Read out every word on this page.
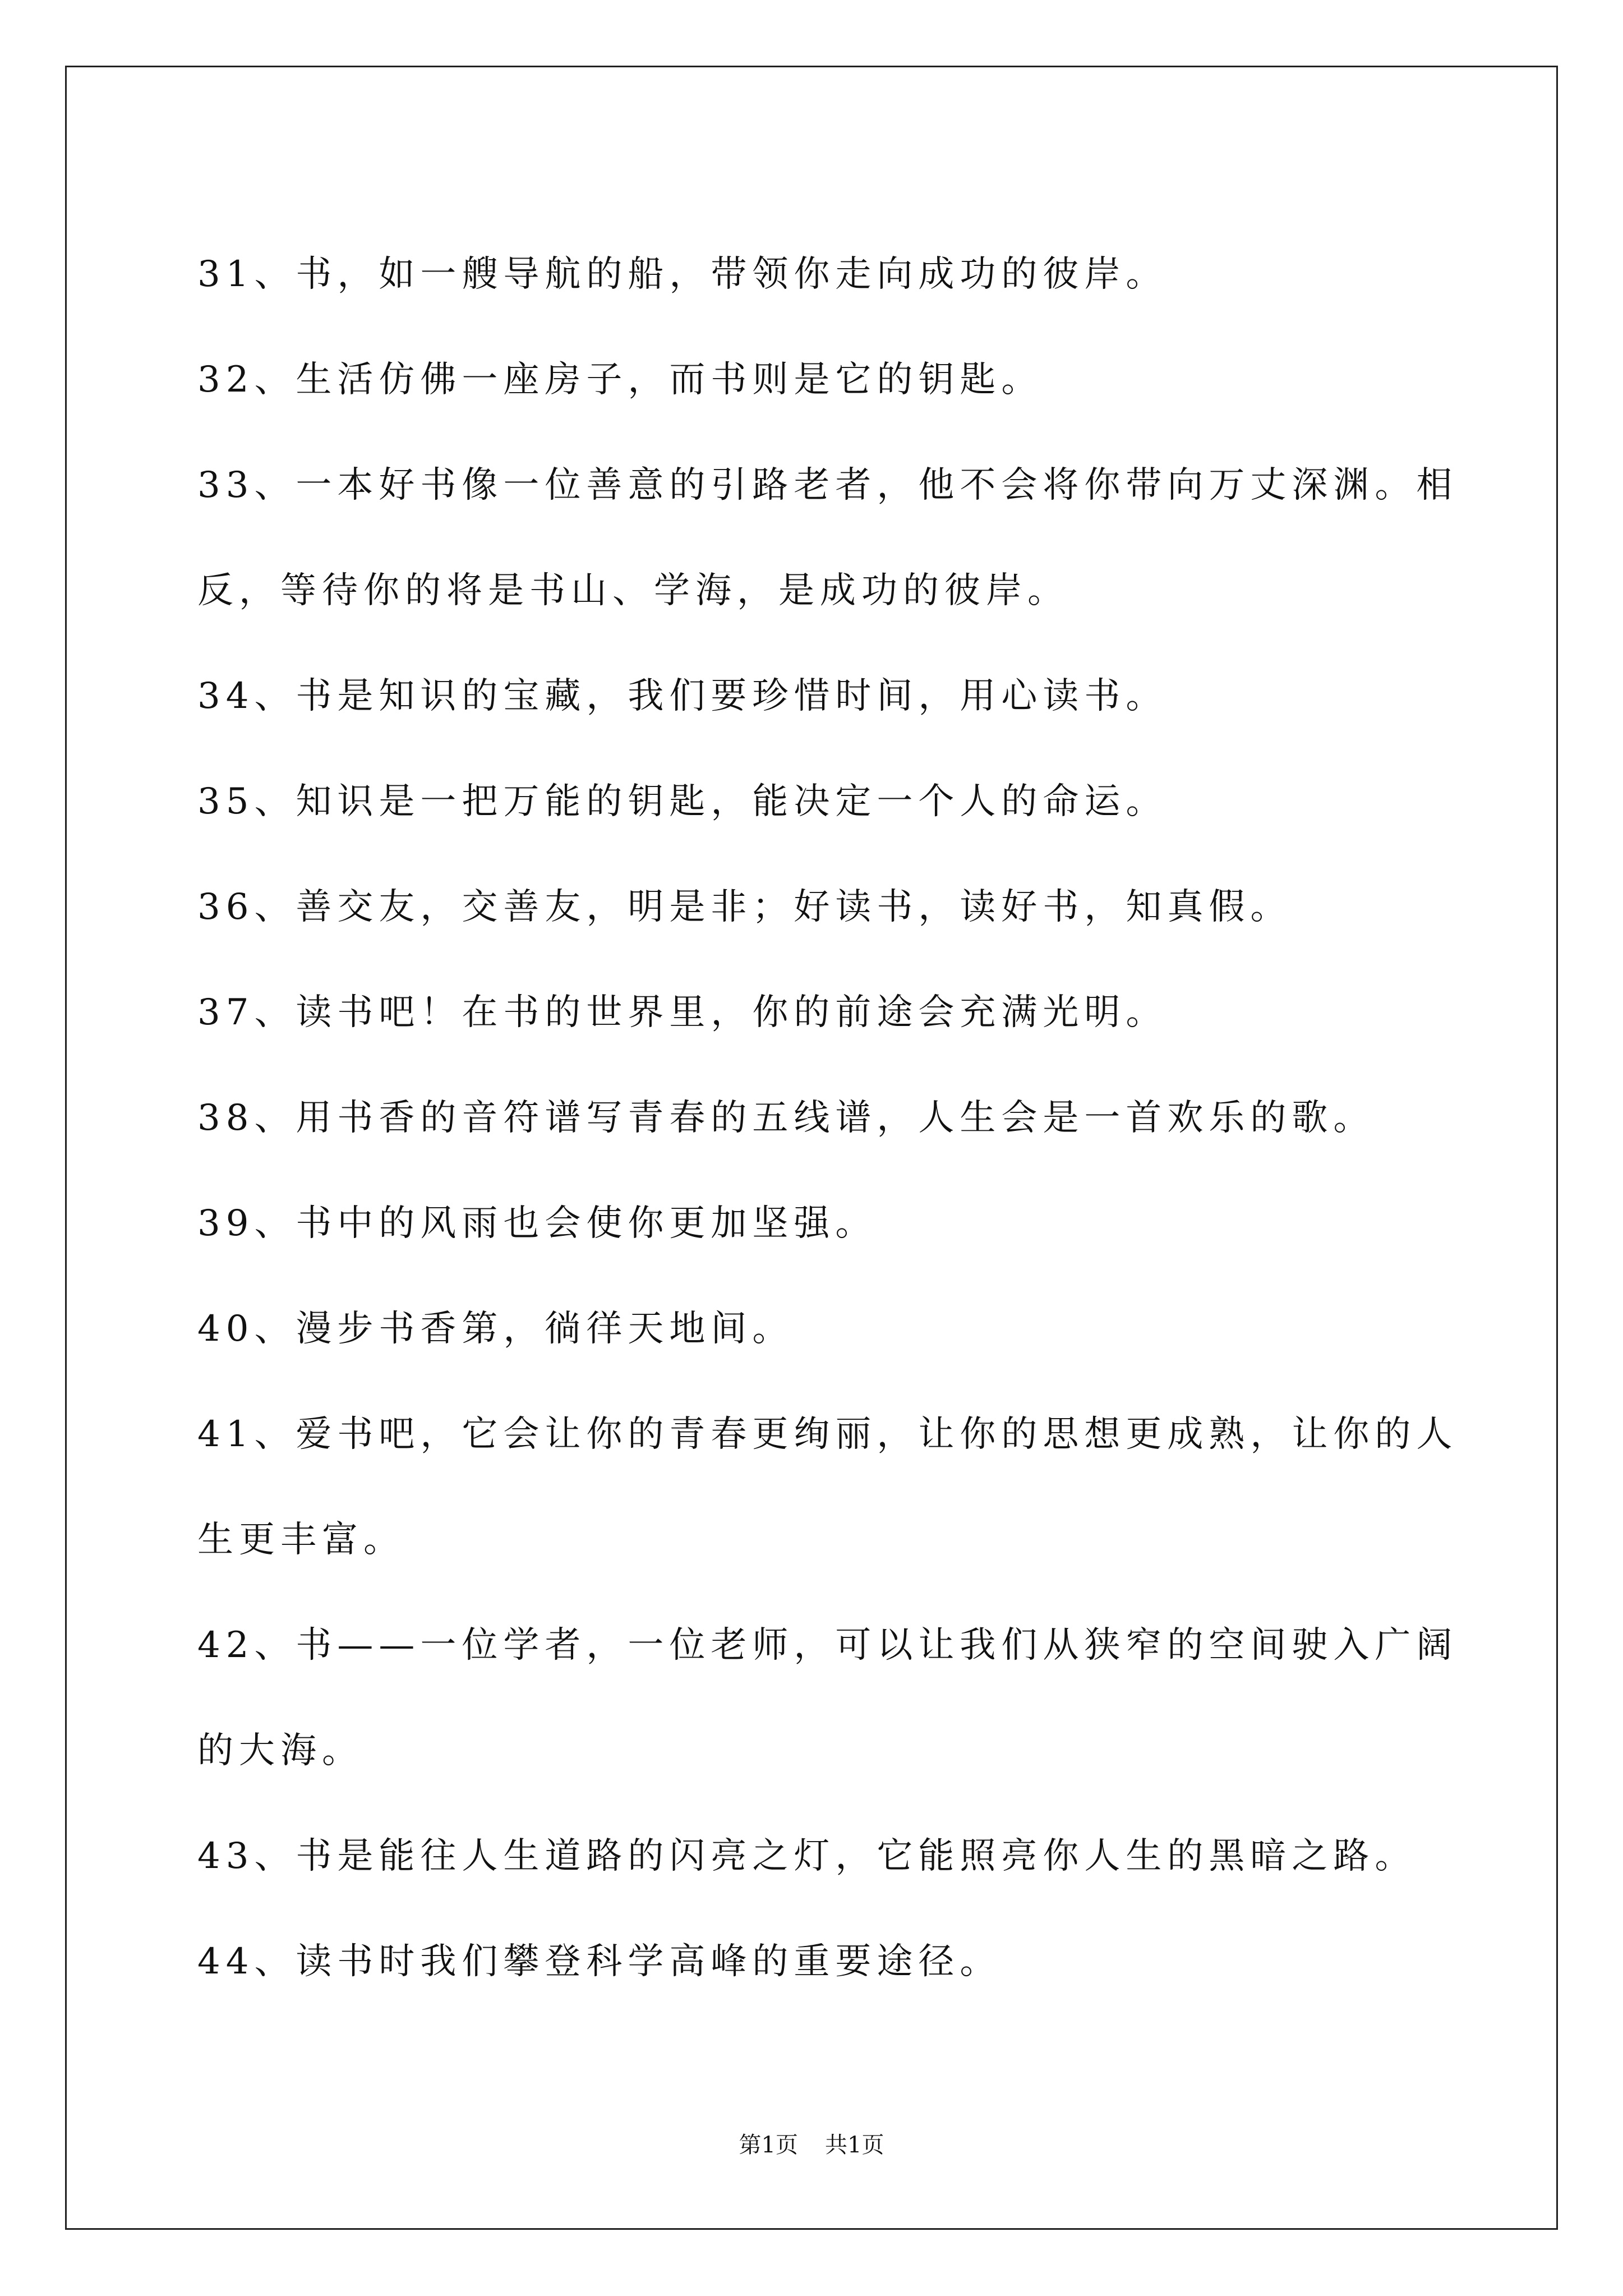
31、书，如一艘导航的船，带领你走向成功的彼岸。
32、生活仿佛一座房子，而书则是它的钥匙。
33、一本好书像一位善意的引路老者，他不会将你带向万丈深渊。相
反，等待你的将是书山、学海，是成功的彼岸。
34、书是知识的宝藏，我们要珍惜时间，用心读书。
35、知识是一把万能的钥匙，能决定一个人的命运。
36、善交友，交善友，明是非；好读书，读好书，知真假。
37、读书吧！在书的世界里，你的前途会充满光明。
38、用书香的音符谱写青春的五线谱，人生会是一首欢乐的歌。
39、书中的风雨也会使你更加坚强。
40、漫步书香第，徜徉天地间。
41、爱书吧，它会让你的青春更绚丽，让你的思想更成熟，让你的人
生更丰富。
42、书——一位学者，一位老师，可以让我们从狭窄的空间驶入广阔
的大海。
43、书是能往人生道路的闪亮之灯，它能照亮你人生的黑暗之路。
44、读书时我们攀登科学高峰的重要途径。
第1页 共1页
